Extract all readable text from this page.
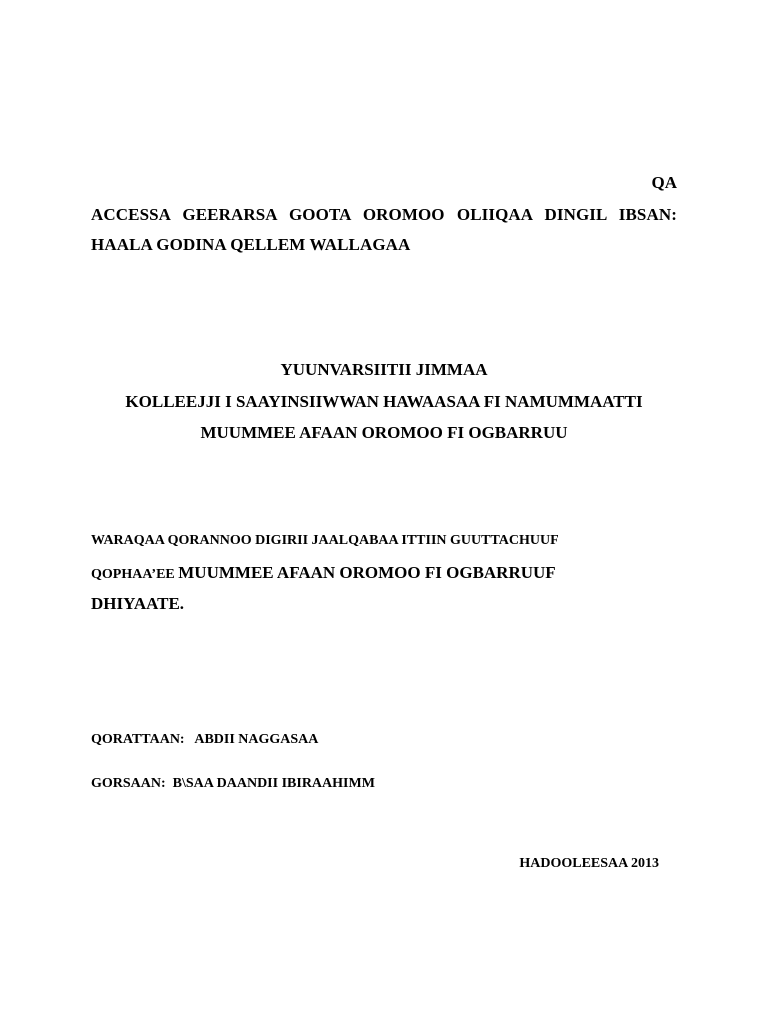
QA
ACCESSA GEERARSA GOOTA OROMOO OLIIQAA DINGIL IBSAN:
HAALA GODINA QELLEM WALLAGAA
YUUNVARSIITII JIMMAA
KOLLEEJJI I SAAYINSIIWWAN HAWAASAA FI NAMUMMAATTI
MUUMMEE AFAAN OROMOO FI OGBARRUU
WARAQAA QORANNOO DIGIRII JAALQABAA ITTIIN GUUTTACHUUF
QOPHAA’EE MUUMMEE AFAAN OROMOO FI OGBARRUUF
DHIYAATE.
QORATTAAN: ABDII NAGGASAA
GORSAAN: B\SAA DAANDII IBIRAAHIMM
HADOOLEESAA 2013
